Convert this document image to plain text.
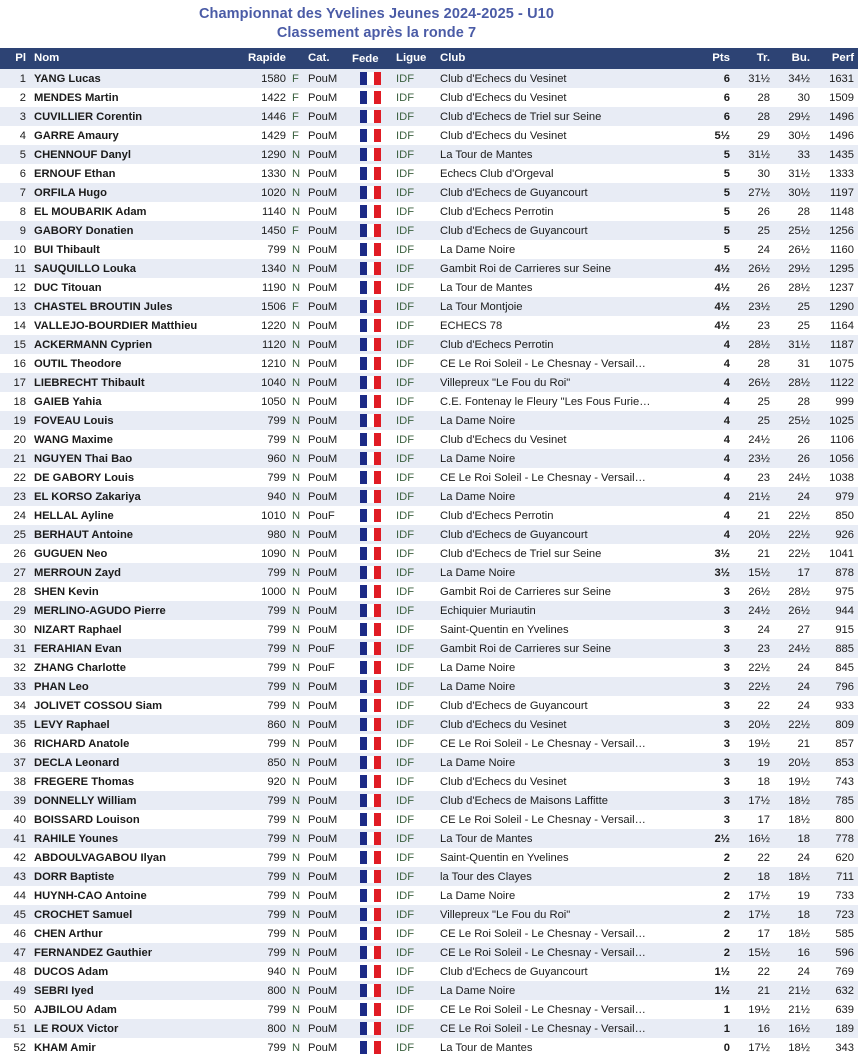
Championnat des Yvelines Jeunes 2024-2025 - U10
Classement après la ronde 7
Pl	Nom	Rapide		Cat.	Fede	Ligue	Club	Pts	Tr.	Bu.	Perf
1	YANG Lucas	1580	F	PouM		IDF	Club d'Echecs du Vesinet	6	31½	34½	1631
2	MENDES Martin	1422	F	PouM		IDF	Club d'Echecs du Vesinet	6	28	30	1509
3	CUVILLIER Corentin	1446	F	PouM		IDF	Club d'Echecs de Triel sur Seine	6	28	29½	1496
4	GARRE Amaury	1429	F	PouM		IDF	Club d'Echecs du Vesinet	5½	29	30½	1496
5	CHENNOUF Danyl	1290	N	PouM		IDF	La Tour de Mantes	5	31½	33	1435
6	ERNOUF Ethan	1330	N	PouM		IDF	Echecs Club d'Orgeval	5	30	31½	1333
7	ORFILA Hugo	1020	N	PouM		IDF	Club d'Echecs de Guyancourt	5	27½	30½	1197
8	EL MOUBARIK Adam	1140	N	PouM		IDF	Club d'Echecs Perrotin	5	26	28	1148
9	GABORY Donatien	1450	F	PouM		IDF	Club d'Echecs de Guyancourt	5	25	25½	1256
10	BUI Thibault	799	N	PouM		IDF	La Dame Noire	5	24	26½	1160
11	SAUQUILLO Louka	1340	N	PouM		IDF	Gambit Roi de Carrieres sur Seine	4½	26½	29½	1295
12	DUC Titouan	1190	N	PouM		IDF	La Tour de Mantes	4½	26	28½	1237
13	CHASTEL BROUTIN Jules	1506	F	PouM		IDF	La Tour Montjoie	4½	23½	25	1290
14	VALLEJO-BOURDIER Matthieu	1220	N	PouM		IDF	ECHECS 78	4½	23	25	1164
15	ACKERMANN Cyprien	1120	N	PouM		IDF	Club d'Echecs Perrotin	4	28½	31½	1187
16	OUTIL Theodore	1210	N	PouM		IDF	CE Le Roi Soleil - Le Chesnay - Versail…	4	28	31	1075
17	LIEBRECHT Thibault	1040	N	PouM		IDF	Villepreux "Le Fou du Roi"	4	26½	28½	1122
18	GAIEB Yahia	1050	N	PouM		IDF	C.E. Fontenay le Fleury "Les Fous Furie…	4	25	28	999
19	FOVEAU Louis	799	N	PouM		IDF	La Dame Noire	4	25	25½	1025
20	WANG Maxime	799	N	PouM		IDF	Club d'Echecs du Vesinet	4	24½	26	1106
21	NGUYEN Thai Bao	960	N	PouM		IDF	La Dame Noire	4	23½	26	1056
22	DE GABORY Louis	799	N	PouM		IDF	CE Le Roi Soleil - Le Chesnay - Versail…	4	23	24½	1038
23	EL KORSO Zakariya	940	N	PouM		IDF	La Dame Noire	4	21½	24	979
24	HELLAL Ayline	1010	N	PouF		IDF	Club d'Echecs Perrotin	4	21	22½	850
25	BERHAUT Antoine	980	N	PouM		IDF	Club d'Echecs de Guyancourt	4	20½	22½	926
26	GUGUEN Neo	1090	N	PouM		IDF	Club d'Echecs de Triel sur Seine	3½	21	22½	1041
27	MERROUN Zayd	799	N	PouM		IDF	La Dame Noire	3½	15½	17	878
28	SHEN Kevin	1000	N	PouM		IDF	Gambit Roi de Carrieres sur Seine	3	26½	28½	975
29	MERLINO-AGUDO Pierre	799	N	PouM		IDF	Echiquier Muriautin	3	24½	26½	944
30	NIZART Raphael	799	N	PouM		IDF	Saint-Quentin en Yvelines	3	24	27	915
31	FERAHIAN Evan	799	N	PouF		IDF	Gambit Roi de Carrieres sur Seine	3	23	24½	885
32	ZHANG Charlotte	799	N	PouF		IDF	La Dame Noire	3	22½	24	845
33	PHAN Leo	799	N	PouM		IDF	La Dame Noire	3	22½	24	796
34	JOLIVET COSSOU Siam	799	N	PouM		IDF	Club d'Echecs de Guyancourt	3	22	24	933
35	LEVY Raphael	860	N	PouM		IDF	Club d'Echecs du Vesinet	3	20½	22½	809
36	RICHARD Anatole	799	N	PouM		IDF	CE Le Roi Soleil - Le Chesnay - Versail…	3	19½	21	857
37	DECLA Leonard	850	N	PouM		IDF	La Dame Noire	3	19	20½	853
38	FREGERE Thomas	920	N	PouM		IDF	Club d'Echecs du Vesinet	3	18	19½	743
39	DONNELLY William	799	N	PouM		IDF	Club d'Echecs de Maisons Laffitte	3	17½	18½	785
40	BOISSARD Louison	799	N	PouM		IDF	CE Le Roi Soleil - Le Chesnay - Versail…	3	17	18½	800
41	RAHILE Younes	799	N	PouM		IDF	La Tour de Mantes	2½	16½	18	778
42	ABDOULVAGABOU Ilyan	799	N	PouM		IDF	Saint-Quentin en Yvelines	2	22	24	620
43	DORR Baptiste	799	N	PouM		IDF	la Tour des Clayes	2	18	18½	711
44	HUYNH-CAO Antoine	799	N	PouM		IDF	La Dame Noire	2	17½	19	733
45	CROCHET Samuel	799	N	PouM		IDF	Villepreux "Le Fou du Roi"	2	17½	18	723
46	CHEN Arthur	799	N	PouM		IDF	CE Le Roi Soleil - Le Chesnay - Versail…	2	17	18½	585
47	FERNANDEZ Gauthier	799	N	PouM		IDF	CE Le Roi Soleil - Le Chesnay - Versail…	2	15½	16	596
48	DUCOS Adam	940	N	PouM		IDF	Club d'Echecs de Guyancourt	1½	22	24	769
49	SEBRI Iyed	800	N	PouM		IDF	La Dame Noire	1½	21	21½	632
50	AJBILOU Adam	799	N	PouM		IDF	CE Le Roi Soleil - Le Chesnay - Versail…	1	19½	21½	639
51	LE ROUX Victor	800	N	PouM		IDF	CE Le Roi Soleil - Le Chesnay - Versail…	1	16	16½	189
52	KHAM Amir	799	N	PouM		IDF	La Tour de Mantes	0	17½	18½	343
